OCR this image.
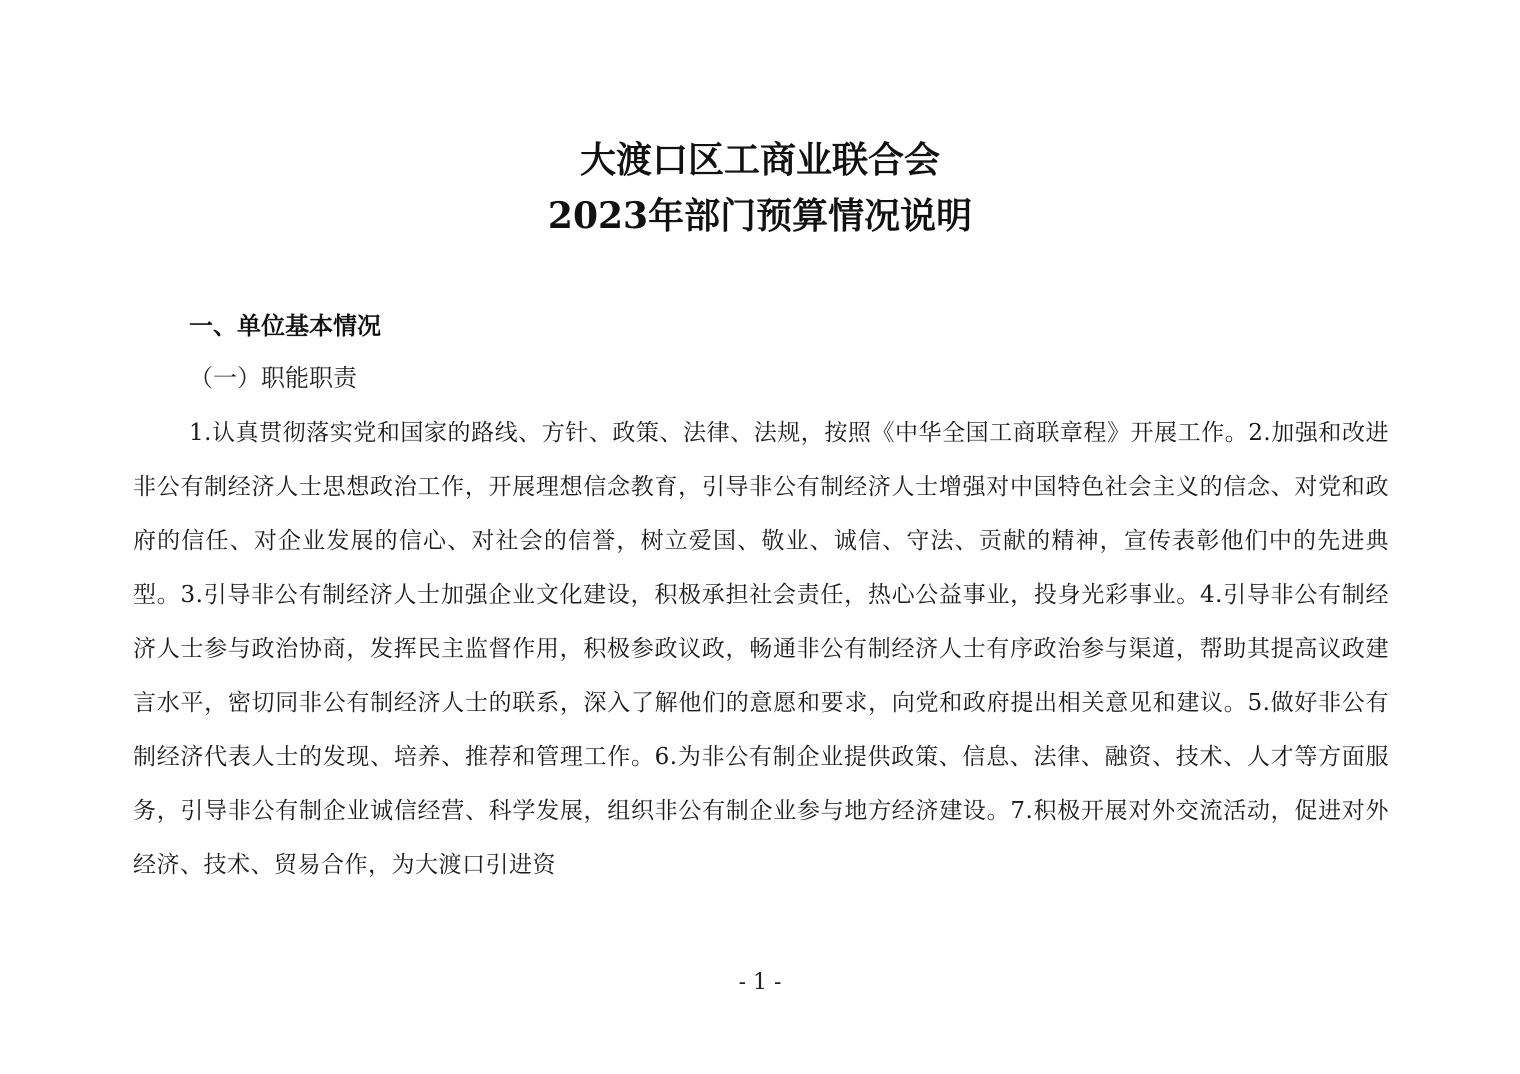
大渡口区工商业联合会
2023年部门预算情况说明
一、单位基本情况
（一）职能职责

1.认真贯彻落实党和国家的路线、方针、政策、法律、法规，按照《中华全国工商联章程》开展工作。2.加强和改进非公有制经济人士思想政治工作，开展理想信念教育，引导非公有制经济人士增强对中国特色社会主义的信念、对党和政府的信任、对企业发展的信心、对社会的信誉，树立爱国、敬业、诚信、守法、贡献的精神，宣传表彰他们中的先进典型。3.引导非公有制经济人士加强企业文化建设，积极承担社会责任，热心公益事业，投身光彩事业。4.引导非公有制经济人士参与政治协商，发挥民主监督作用，积极参政议政，畅通非公有制经济人士有序政治参与渠道，帮助其提高议政建言水平，密切同非公有制经济人士的联系，深入了解他们的意愿和要求，向党和政府提出相关意见和建议。5.做好非公有制经济代表人士的发现、培养、推荐和管理工作。6.为非公有制企业提供政策、信息、法律、融资、技术、人才等方面服务，引导非公有制企业诚信经营、科学发展，组织非公有制企业参与地方经济建设。7.积极开展对外交流活动，促进对外经济、技术、贸易合作，为大渡口引进资

- 1 -
